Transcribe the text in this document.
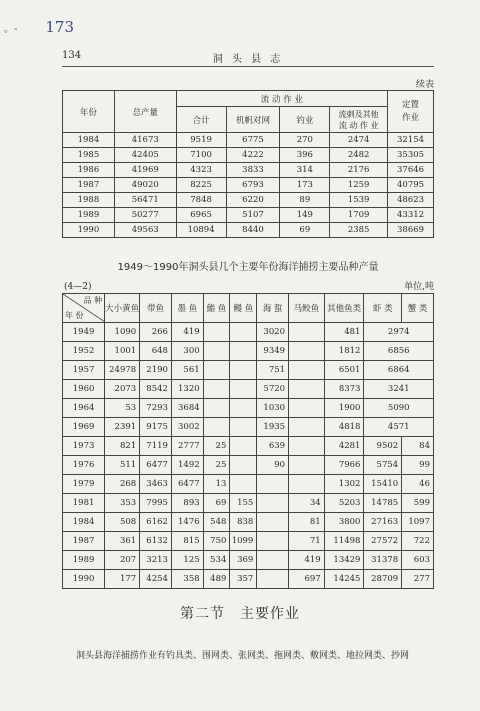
。- 173
134	洞 头 县 志
续表
年份	总产量	流 动 作 业				定置
作业
		合计	机帆对网	钓业	流刺及其他
流 动 作 业	
1984	41673	9519	6775	270	2474	32154
1985	42405	7100	4222	396	2482	35305
1986	41969	4323	3833	314	2176	37646
1987	49020	8225	6793	173	1259	40795
1988	56471	7848	6220	89	1539	48623
1989	50277	6965	5107	149	1709	43312
1990	49563	10894	8440	69	2385	38669
1949～1990年洞头县几个主要年份海洋捕捞主要品种产量
(4—2)	单位,吨
品 种
年 份	大小黄鱼	带鱼	墨 鱼	鮨 鱼	鳗 鱼	海 蜇	马鲛鱼	其他鱼类	虾 类	蟹 类
1949	1090	266	419			3020		481	2974	
1952	1001	648	300			9349		1812	6856	
1957	24978	2190	561			751		6501	6864	
1960	2073	8542	1320			5720		8373	3241	
1964	53	7293	3684			1030		1900	5090	
1969	2391	9175	3002			1935		4818	4571	
1973	821	7119	2777	25		639		4281	9502	84
1976	511	6477	1492	25		90		7966	5754	99
1979	268	3463	6477	13				1302	15410	46
1981	353	7995	893	69	155		34	5203	14785	599
1984	508	6162	1476	548	838		81	3800	27163	1097
1987	361	6132	815	750	1099		71	11498	27572	722
1989	207	3213	125	534	369		419	13429	31378	603
1990	177	4254	358	489	357		697	14245	28709	277
第二节　主要作业
洞头县海洋捕捞作业有钓具类、围网类、张网类、拖网类、敷网类、地拉网类、抄网
